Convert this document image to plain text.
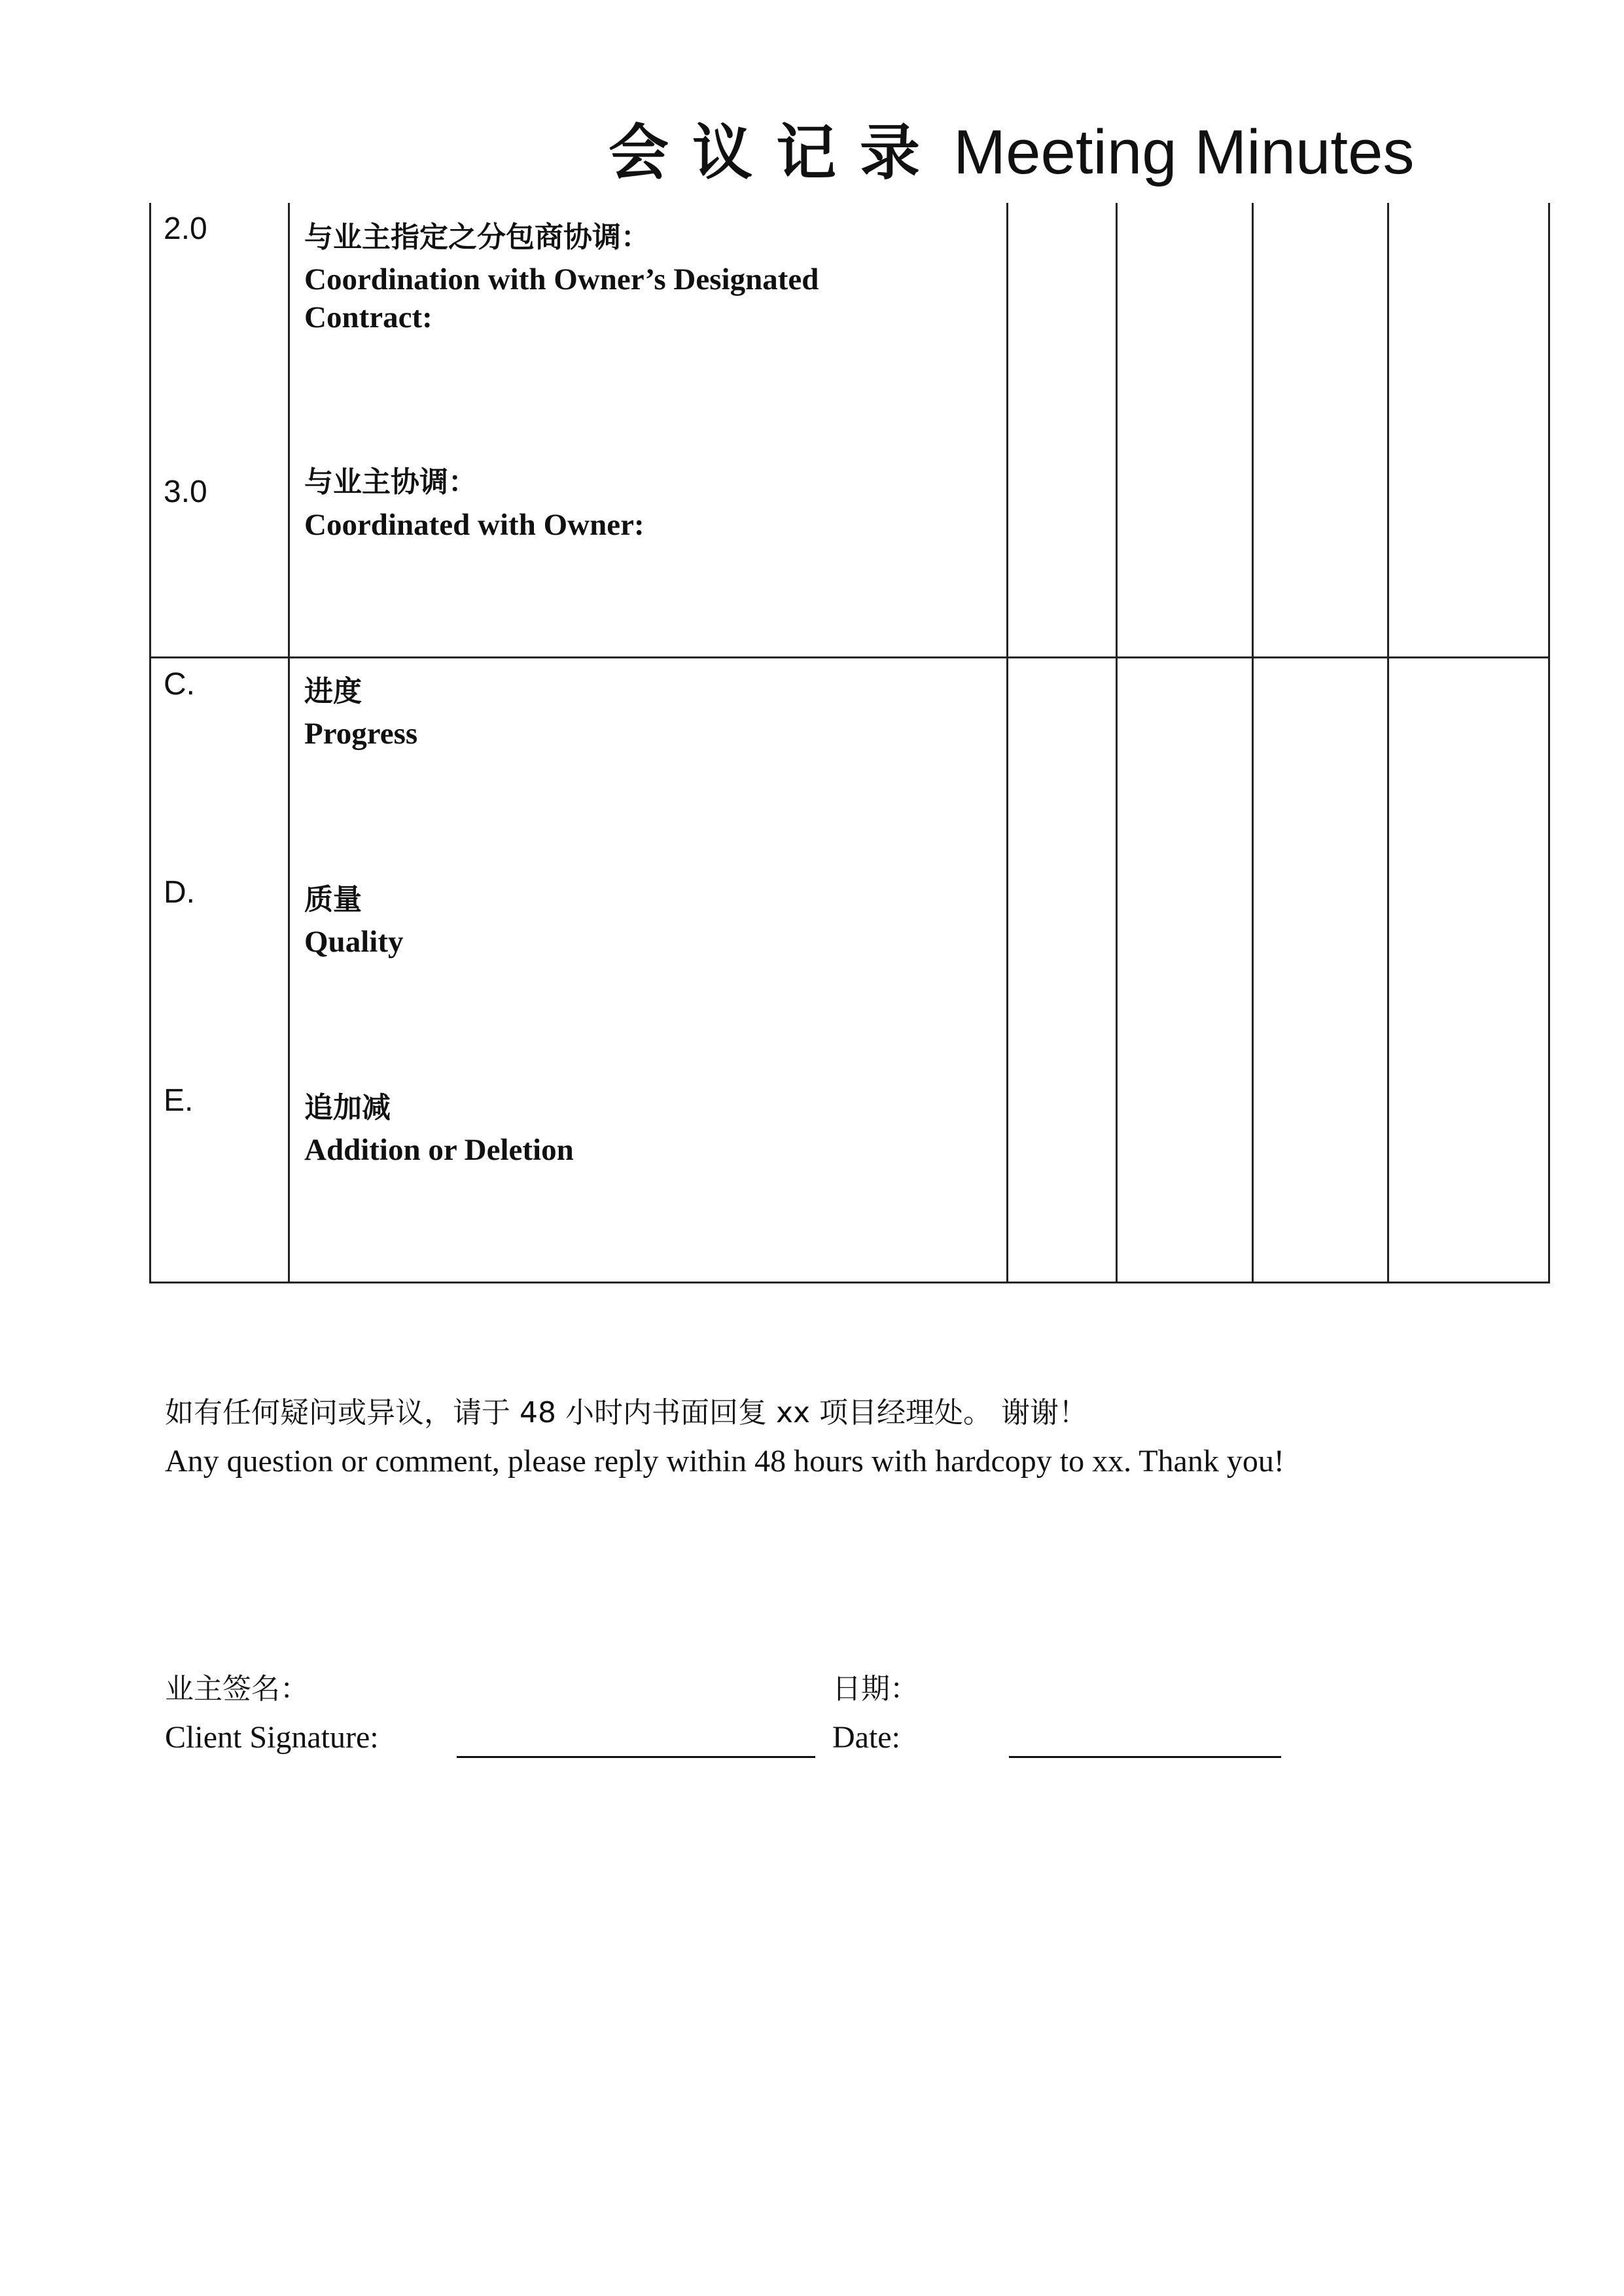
会议记录 Meeting Minutes
2.0	与业主指定之分包商协调：
Coordination with Owner’s Designated
Contract:
3.0	与业主协调：
Coordinated with Owner:
C.	进度
Progress
D.	质量
Quality
E.	追加减
Addition or Deletion
如有任何疑问或异议，请于 48 小时内书面回复 xx 项目经理处。 谢谢！
Any question or comment, please reply within 48 hours with hardcopy to xx. Thank you!
业主签名：
Client Signature:
日期：
Date:
